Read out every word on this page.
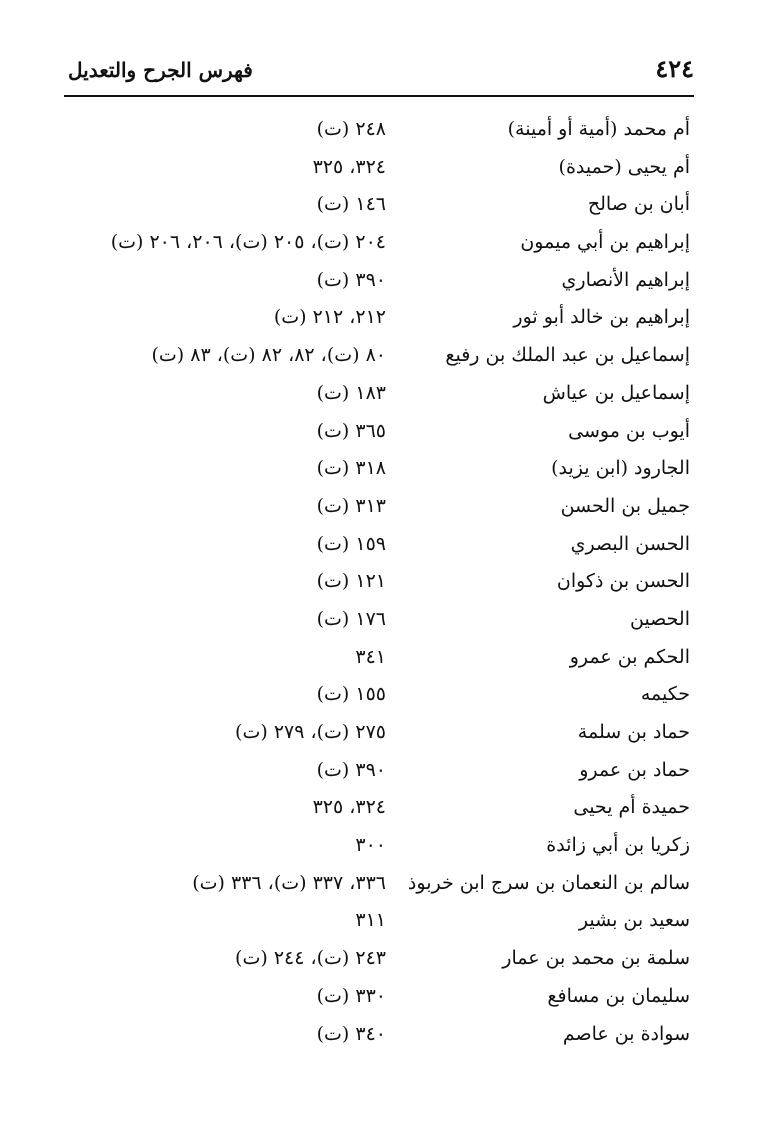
٤٢٤
فهرس الجرح والتعديل
أم محمد (أمية أو أمينة)
٢٤٨ (ت)
أم يحيى (حميدة)
٣٢٤، ٣٢٥
أبان بن صالح
١٤٦ (ت)
إبراهيم بن أبي ميمون
٢٠٤ (ت)، ٢٠٥ (ت)، ٢٠٦، ٢٠٦ (ت)
إبراهيم الأنصاري
٣٩٠ (ت)
إبراهيم بن خالد أبو ثور
٢١٢، ٢١٢ (ت)
إسماعيل بن عبد الملك بن رفيع
٨٠ (ت)، ٨٢، ٨٢ (ت)، ٨٣ (ت)
إسماعيل بن عياش
١٨٣ (ت)
أيوب بن موسى
٣٦٥ (ت)
الجارود (ابن يزيد)
٣١٨ (ت)
جميل بن الحسن
٣١٣ (ت)
الحسن البصري
١٥٩ (ت)
الحسن بن ذكوان
١٢١ (ت)
الحصين
١٧٦ (ت)
الحكم بن عمرو
٣٤١
حكيمه
١٥٥ (ت)
حماد بن سلمة
٢٧٥ (ت)، ٢٧٩ (ت)
حماد بن عمرو
٣٩٠ (ت)
حميدة أم يحيى
٣٢٤، ٣٢٥
زكريا بن أبي زائدة
٣٠٠
سالم بن النعمان بن سرج ابن خربوذ
٣٣٦، ٣٣٧ (ت)، ٣٣٦ (ت)
سعيد بن بشير
٣١١
سلمة بن محمد بن عمار
٢٤٣ (ت)، ٢٤٤ (ت)
سليمان بن مسافع
٣٣٠ (ت)
سوادة بن عاصم
٣٤٠ (ت)
